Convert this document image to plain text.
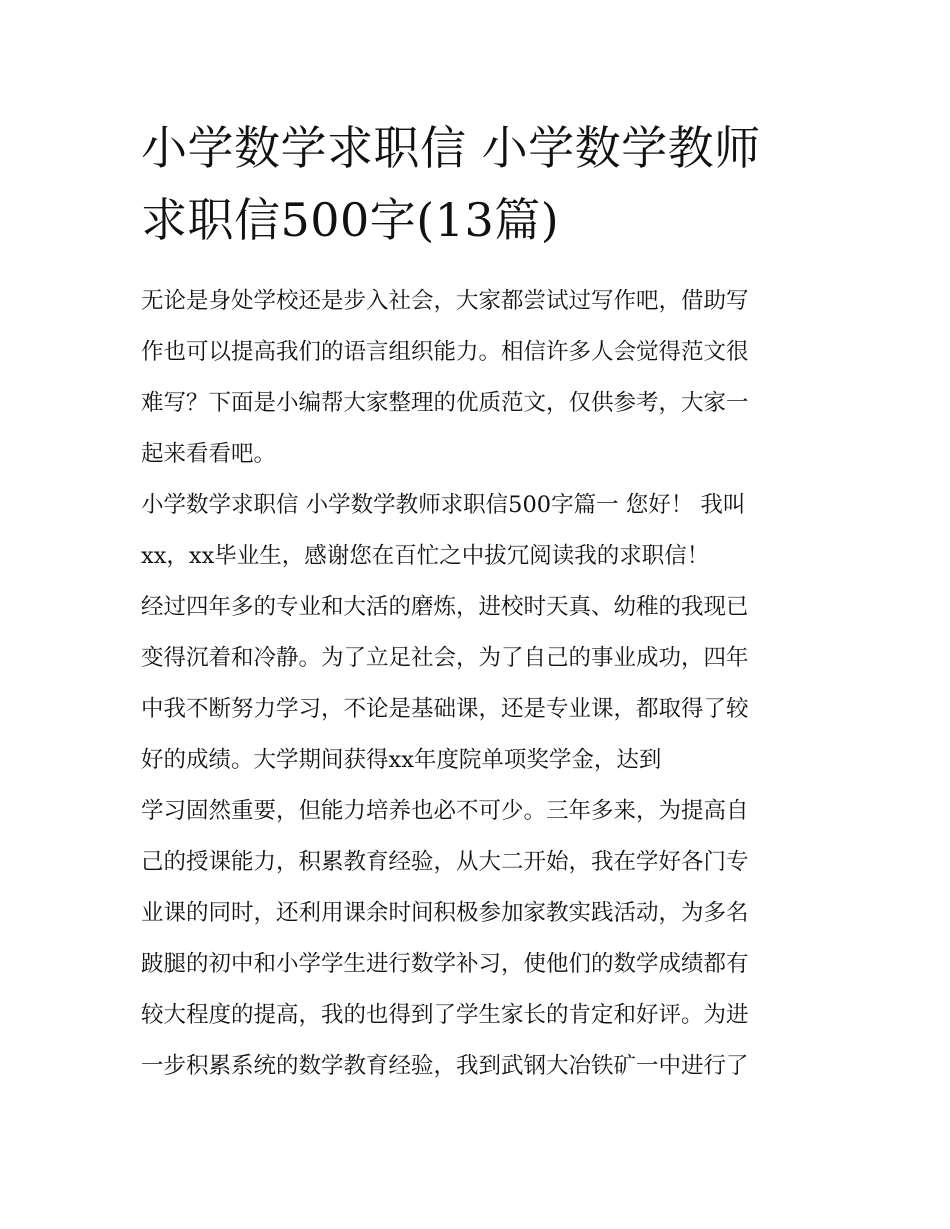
小学数学求职信 小学数学教师
求职信500字(13篇)

无论是身处学校还是步入社会，大家都尝试过写作吧，借助写
作也可以提高我们的语言组织能力。相信许多人会觉得范文很
难写？下面是小编帮大家整理的优质范文，仅供参考，大家一
起来看看吧。

小学数学求职信 小学数学教师求职信500字篇一 您好！ 我叫
xx，xx毕业生，感谢您在百忙之中拔冗阅读我的求职信！

经过四年多的专业和大活的磨炼，进校时天真、幼稚的我现已
变得沉着和冷静。为了立足社会，为了自己的事业成功，四年
中我不断努力学习，不论是基础课，还是专业课，都取得了较
好的成绩。大学期间获得xx年度院单项奖学金，达到

学习固然重要，但能力培养也必不可少。三年多来，为提高自
己的授课能力，积累教育经验，从大二开始，我在学好各门专
业课的同时，还利用课余时间积极参加家教实践活动，为多名
跛腿的初中和小学学生进行数学补习，使他们的数学成绩都有
较大程度的提高，我的也得到了学生家长的肯定和好评。为进
一步积累系统的数学教育经验，我到武钢大冶铁矿一中进行了
